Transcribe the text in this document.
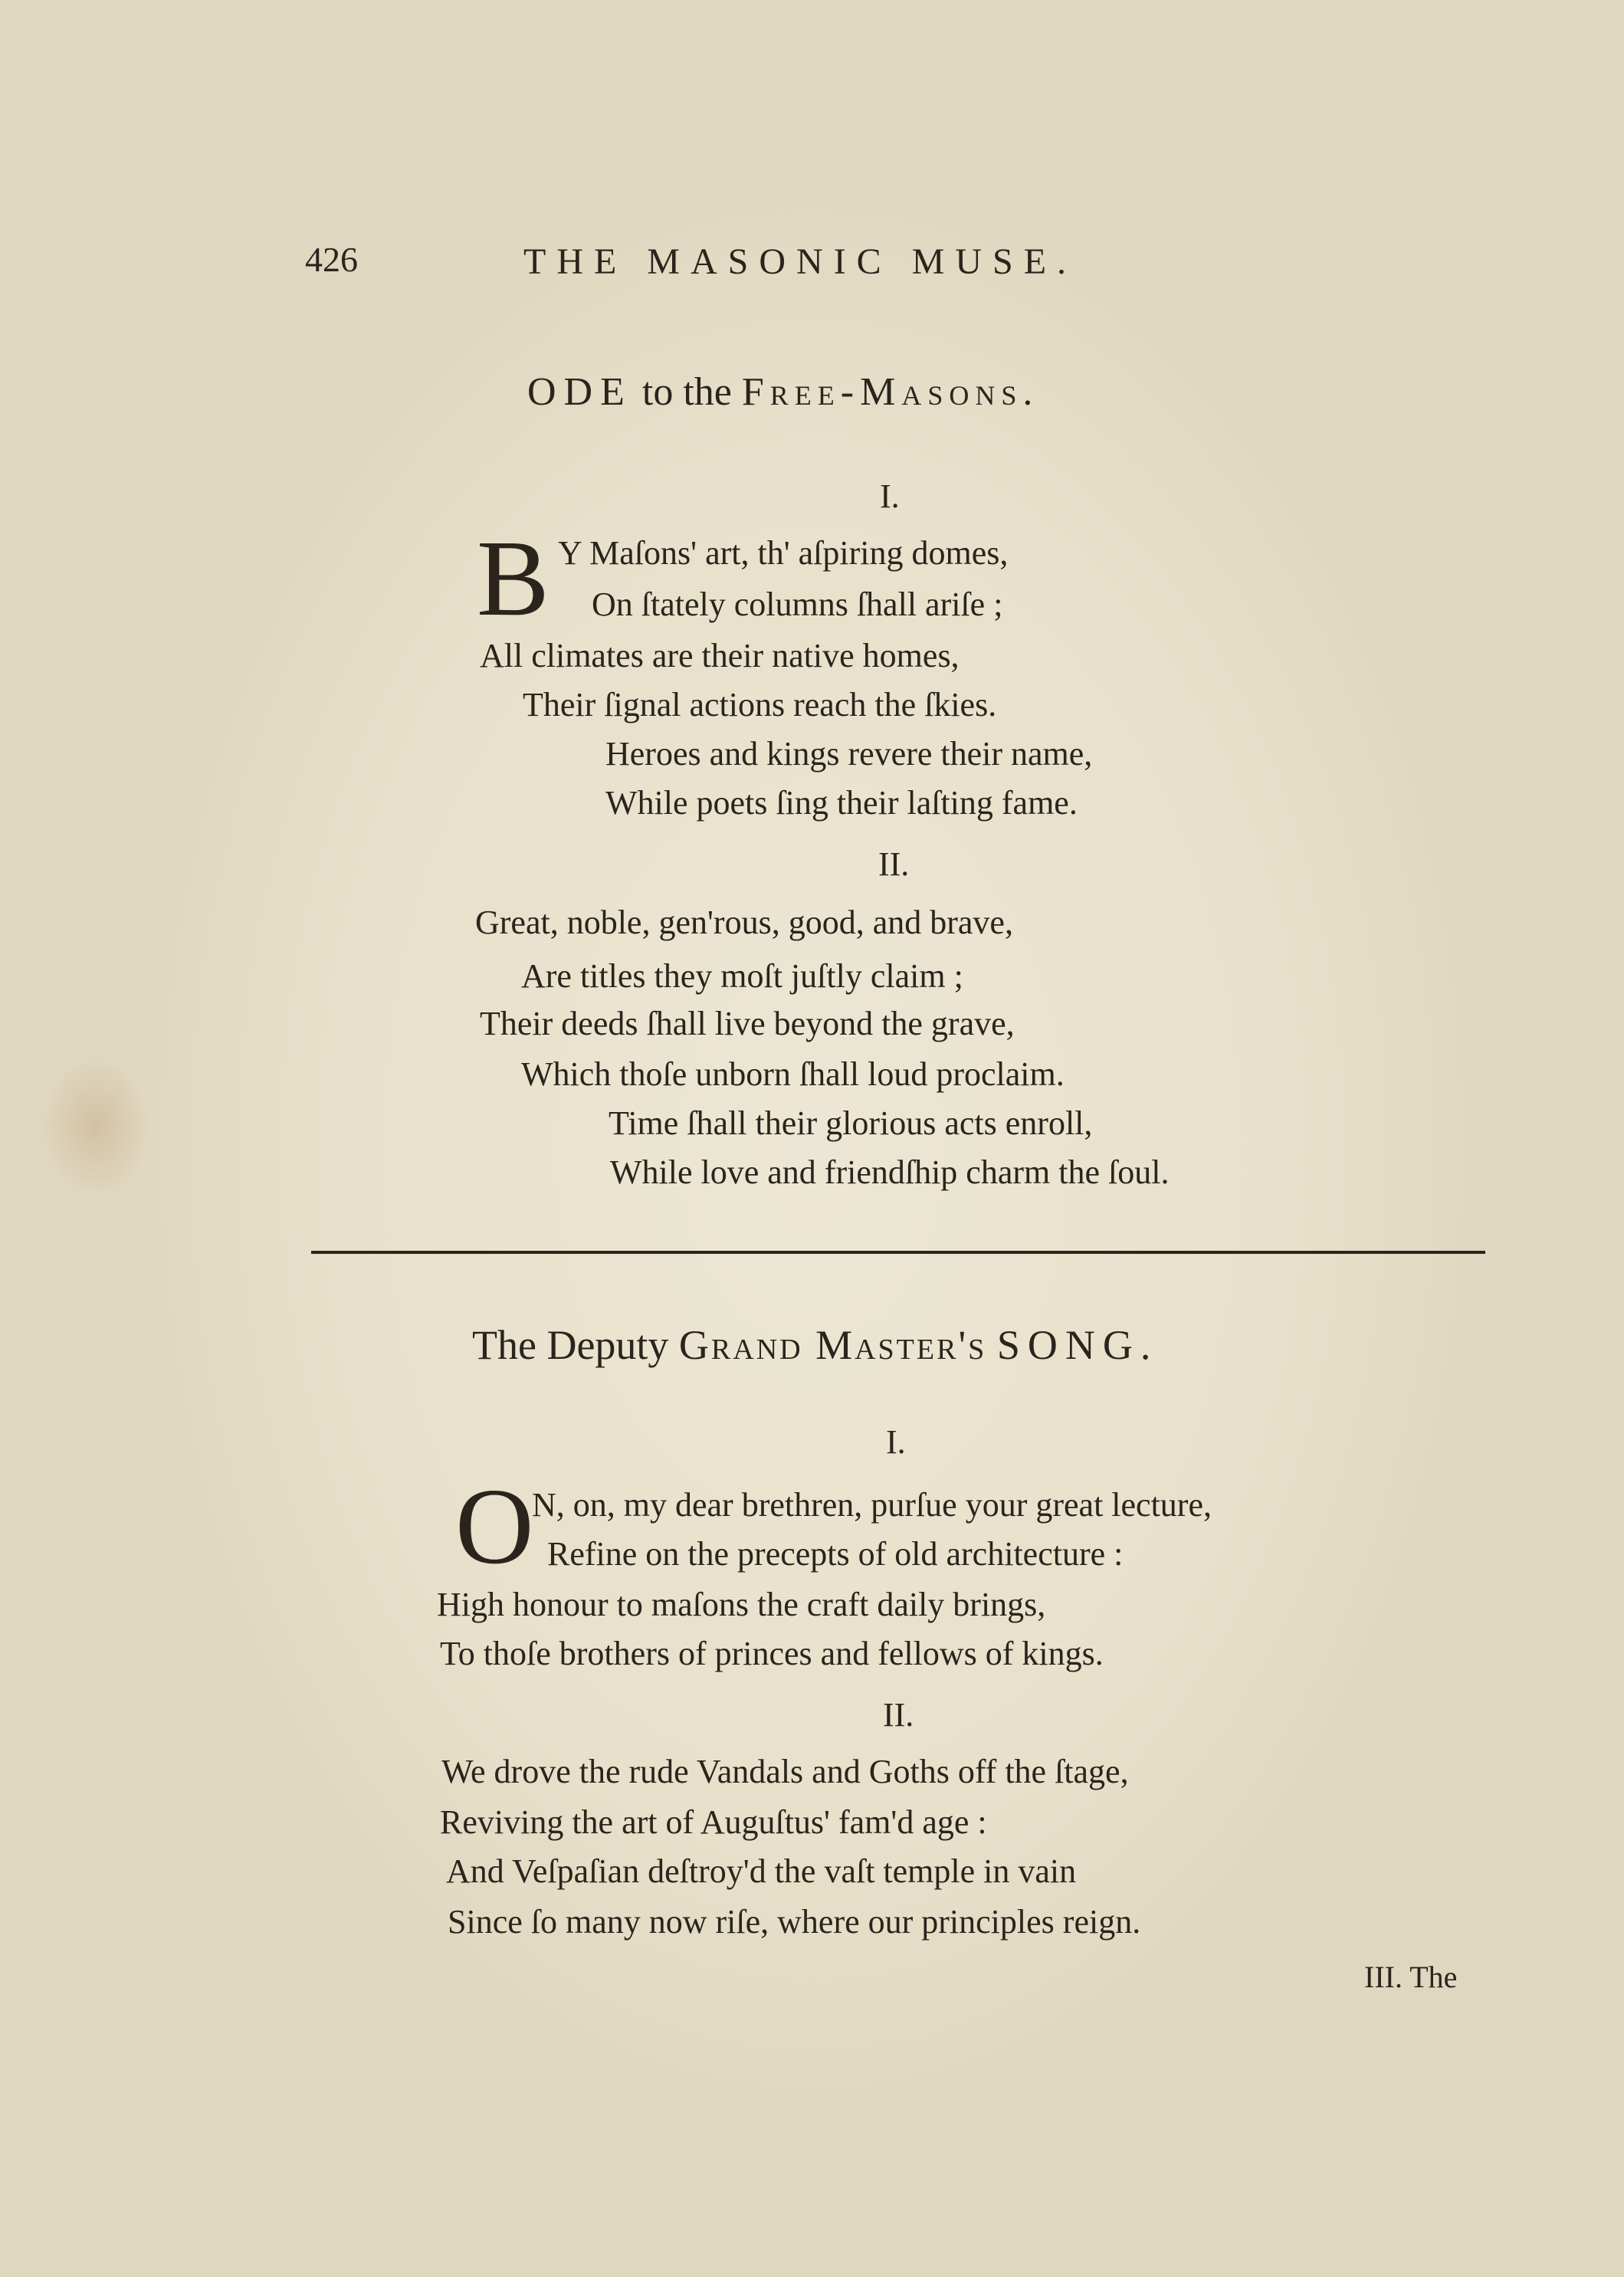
426	THE MASONIC MUSE.
ODE to the Free-Masons.
I.
B Y Maſons' art, th' aſpiring domes,
On ſtately columns ſhall ariſe ;
All climates are their native homes,
Their ſignal actions reach the ſkies.
Heroes and kings revere their name,
While poets ſing their laſting fame.
II.
Great, noble, gen'rous, good, and brave,
Are titles they moſt juſtly claim ;
Their deeds ſhall live beyond the grave,
Which thoſe unborn ſhall loud proclaim.
Time ſhall their glorious acts enroll,
While love and friendſhip charm the ſoul.
The Deputy Grand Master's SONG.
I.
O
N, on, my dear brethren, purſue your great lecture,
Refine on the precepts of old architecture :
High honour to maſons the craft daily brings,
To thoſe brothers of princes and fellows of kings.
II.
We drove the rude Vandals and Goths off the ſtage,
Reviving the art of Auguſtus' fam'd age :
And Veſpaſian deſtroy'd the vaſt temple in vain
Since ſo many now riſe, where our principles reign.
III. The
